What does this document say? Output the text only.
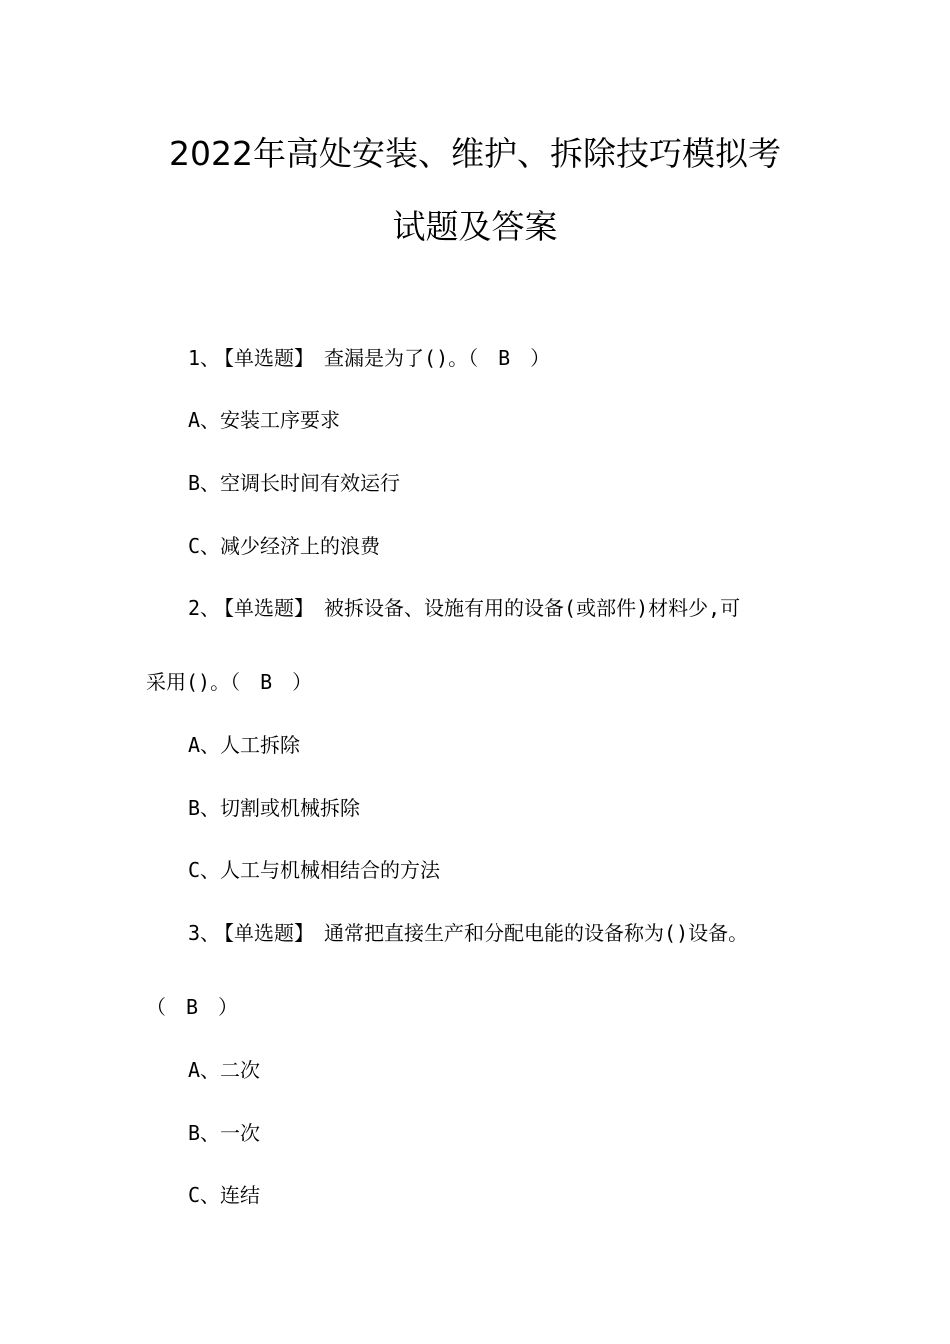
2022年高处安装、维护、拆除技巧模拟考
试题及答案
1、 【单选题】 查漏是为了()。（　B　）
A、安装工序要求
B、空调长时间有效运行
C、减少经济上的浪费
2、 【单选题】 被拆设备、设施有用的设备(或部件)材料少,可
采用()。（　B　）
A、人工拆除
B、切割或机械拆除
C、人工与机械相结合的方法
3、 【单选题】 通常把直接生产和分配电能的设备称为()设备。
（　B　）
A、二次
B、一次
C、连结
